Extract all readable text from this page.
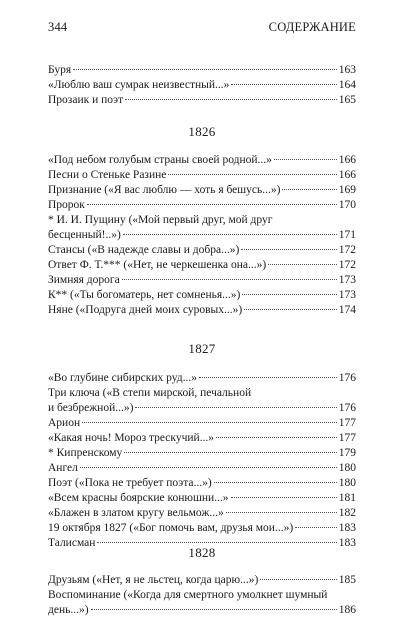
344	СОДЕРЖАНИЕ
Буря	163
«Люблю ваш сумрак неизвестный...»	164
Прозаик и поэт	165
1826
«Под небом голубым страны своей родной...»	166
Песни о Стеньке Разине	166
Признание («Я вас люблю — хоть я бешусь...»)	169
Пророк	170
* И. И. Пущину («Мой первый друг, мой друг
бесценный!..»)	171
Стансы («В надежде славы и добра...»)	172
Ответ Ф. Т.*** («Нет, не черкешенка она...»)	172
Зимняя дорога	173
К** («Ты богоматерь, нет сомненья...»)	173
Няне («Подруга дней моих суровых...»)	174
1827
«Во глубине сибирских руд...»	176
Три ключа («В степи мирской, печальной
и безбрежной...»)	176
Арион	177
«Какая ночь! Мороз трескучий...»	177
* Кипренскому	179
Ангел	180
Поэт («Пока не требует поэта...»)	180
«Всем красны боярские конюшни...»	181
«Блажен в златом кругу вельмож...»	182
19 октября 1827 («Бог помочь вам, друзья мои...»)	183
Талисман	183
1828
Друзьям («Нет, я не льстец, когда царю...»)	185
Воспоминание («Когда для смертного умолкнет шумный
день...»)	186
